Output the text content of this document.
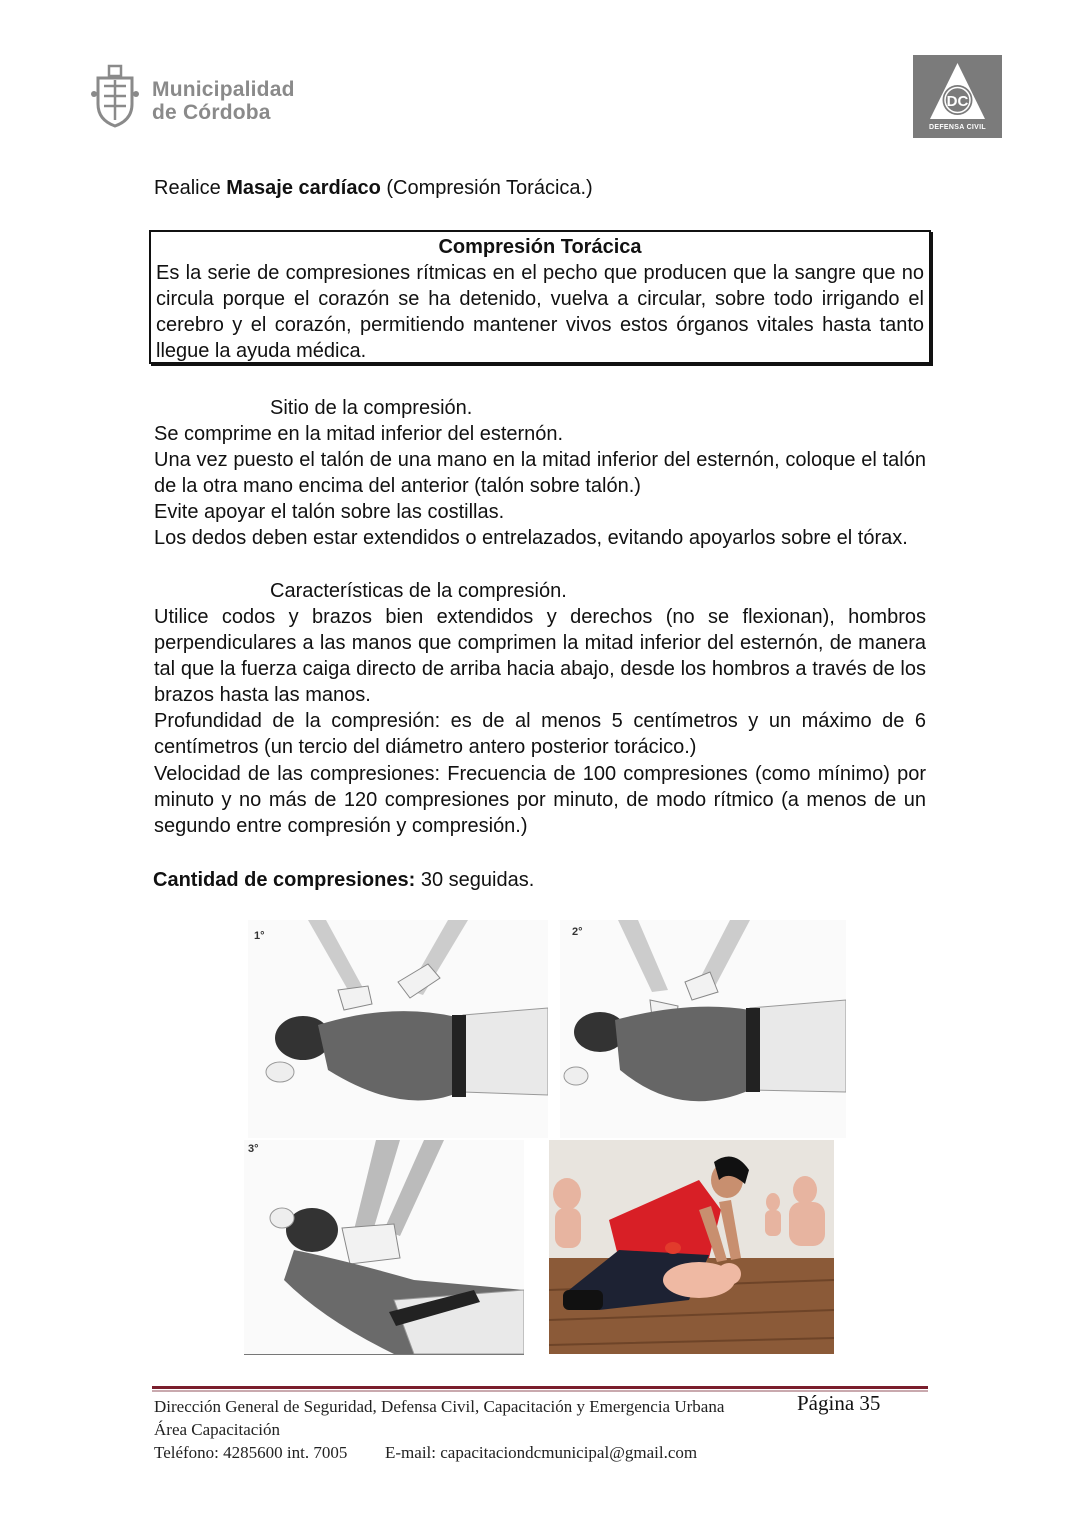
Municipalidad
de Córdoba	DC
DEFENSA CIVIL
Realice Masaje cardíaco (Compresión Torácica.)
Compresión Torácica
Es la serie de compresiones rítmicas en el pecho que producen que la sangre que no circula porque el corazón se ha detenido, vuelva a circular, sobre todo irrigando el cerebro y el corazón, permitiendo mantener vivos estos órganos vitales hasta tanto llegue la ayuda médica.
Sitio de la compresión.
Se comprime en la mitad inferior del esternón.
Una vez puesto el talón de una mano en la mitad inferior del esternón, coloque el talón de la otra mano encima del anterior (talón sobre talón.)
Evite apoyar el talón sobre las costillas.
Los dedos deben estar extendidos o entrelazados, evitando apoyarlos sobre el tórax.
Características de la compresión.
Utilice codos y brazos bien extendidos y derechos (no se flexionan), hombros perpendiculares a las manos que comprimen la mitad inferior del esternón, de manera tal que la fuerza caiga directo de arriba hacia abajo, desde los hombros a través de los brazos hasta las manos.
Profundidad de la compresión: es de al menos 5 centímetros y un máximo de 6 centímetros (un tercio del diámetro antero posterior torácico.)
Velocidad de las compresiones: Frecuencia de 100 compresiones (como mínimo) por minuto y no más de 120 compresiones por minuto, de modo rítmico (a menos de un segundo entre compresión y compresión.)
Cantidad de compresiones: 30 seguidas.
1°	2°
3°
Dirección General de Seguridad, Defensa Civil, Capacitación y Emergencia Urbana	Página 35
Área Capacitación
Teléfono: 4285600 int. 7005 E-mail: capacitaciondcmunicipal@gmail.com
